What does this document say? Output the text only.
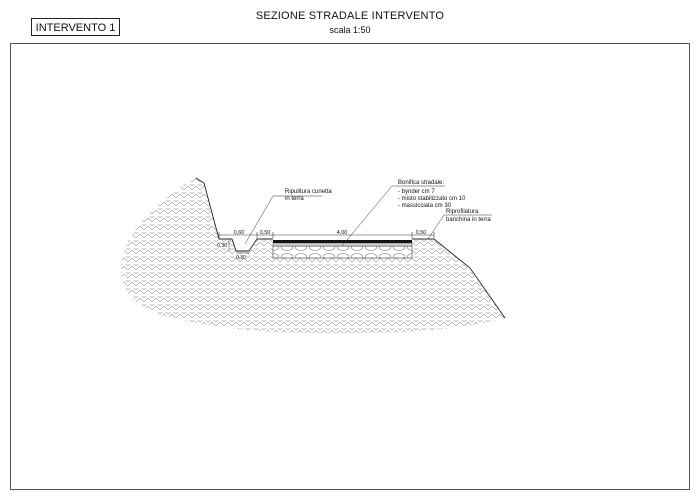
INTERVENTO 1
SEZIONE STRADALE INTERVENTO
scala 1:50
0,60	0,50	4,00	0,50
0,30
0,30
Ripulitura cunetta
in terra
Bonifica stradale:
- bynder cm 7
- misto stabilizzato cm 10
- massicciata cm 30
Riprofilatura
banchina in terra
